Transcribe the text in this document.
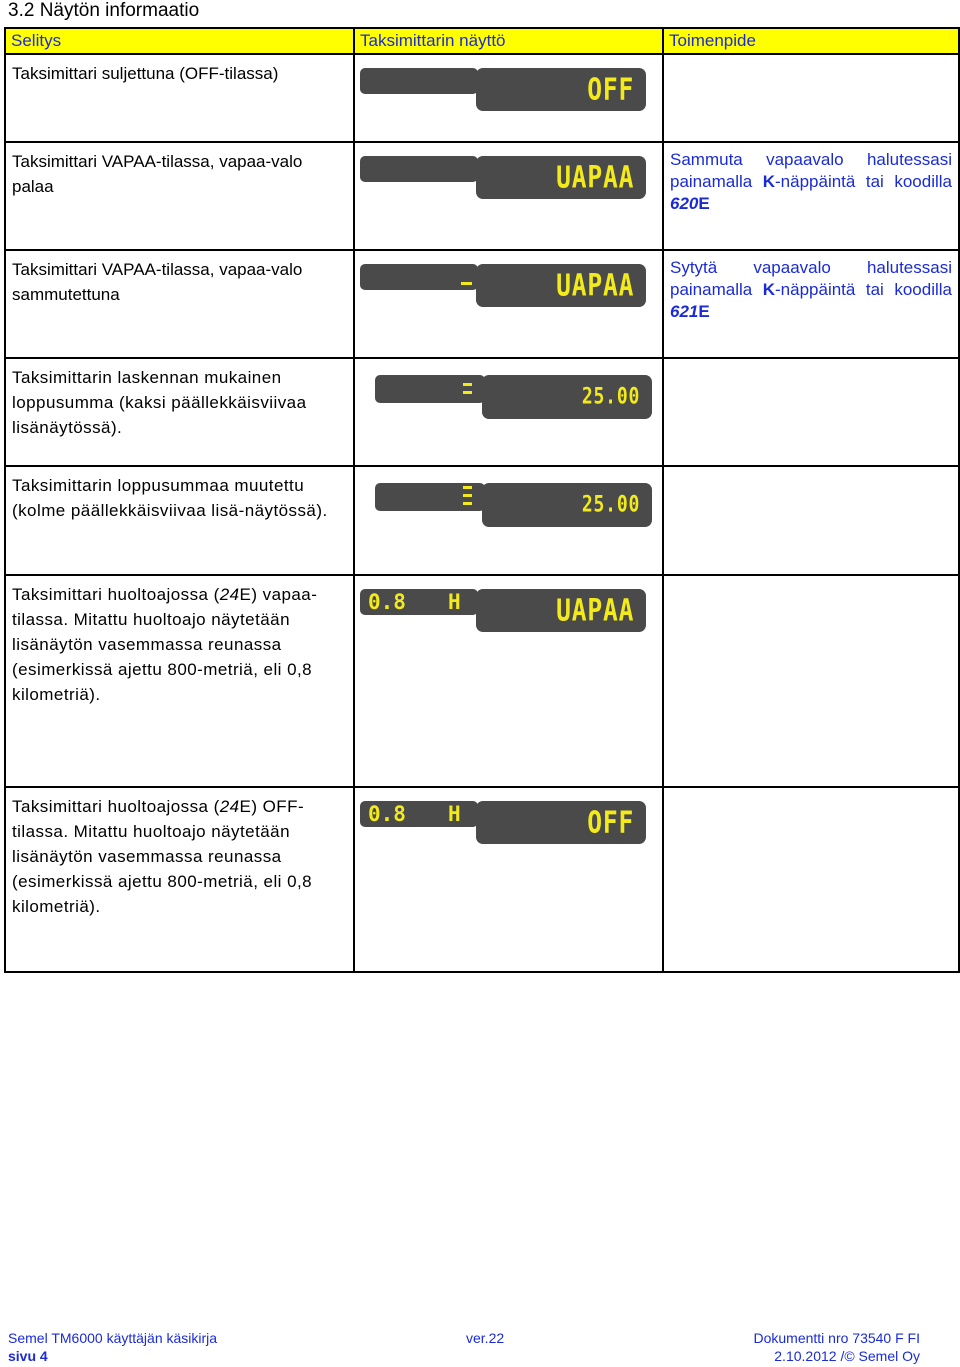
3.2 Näytön informaatio
Selitys	Taksimittarin näyttö	Toimenpide
Taksimittari suljettuna (OFF-tilassa)	OFF	

Taksimittari VAPAA-tilassa, vapaa-valo palaa	UAPAA	Sammuta vapaavalo halutessasi painamalla K-näppäintä tai koodilla 620E
Taksimittari VAPAA-tilassa, vapaa-valo sammutettuna	UAPAA	Sytytä vapaavalo halutessasi painamalla K-näppäintä tai koodilla 621E
Taksimittarin laskennan mukainen loppusumma (kaksi päällekkäisviivaa lisänäytössä).	25.00	

Taksimittarin loppusummaa muutettu (kolme päällekkäisviivaa lisä-näytössä).	25.00	

Taksimittari huoltoajossa (24E) vapaa-tilassa. Mitattu huoltoajo näytetään lisänäytön vasemmassa reunassa (esimerkissä ajettu 800-metriä, eli 0,8 kilometriä).	0.8 H UAPAA	

Taksimittari huoltoajossa (24E) OFF-tilassa. Mitattu huoltoajo näytetään lisänäytön vasemmassa reunassa (esimerkissä ajettu 800-metriä, eli 0,8 kilometriä).	0.8 H OFF	

Semel TM6000 käyttäjän käsikirja
sivu 4
ver.22	Dokumentti nro 73540 F FI
2.10.2012 /© Semel Oy
